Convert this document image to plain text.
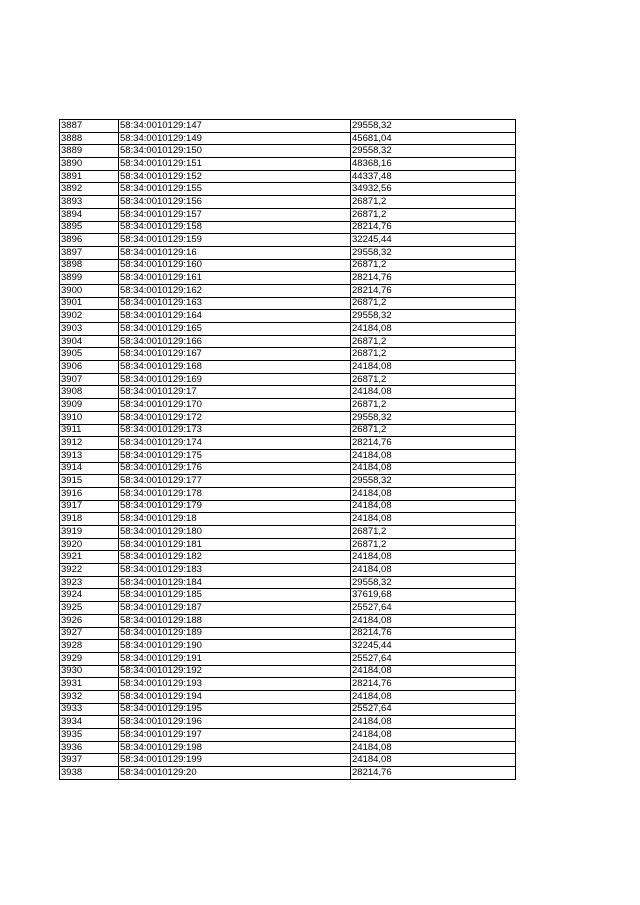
3887	58:34:0010129:147	29558,32
3888	58:34:0010129:149	45681,04
3889	58:34:0010129:150	29558,32
3890	58:34:0010129:151	48368,16
3891	58:34:0010129:152	44337,48
3892	58:34:0010129:155	34932,56
3893	58:34:0010129:156	26871,2
3894	58:34:0010129:157	26871,2
3895	58:34:0010129:158	28214,76
3896	58:34:0010129:159	32245,44
3897	58:34:0010129:16	29558,32
3898	58:34:0010129:160	26871,2
3899	58:34:0010129:161	28214,76
3900	58:34:0010129:162	28214,76
3901	58:34:0010129:163	26871,2
3902	58:34:0010129:164	29558,32
3903	58:34:0010129:165	24184,08
3904	58:34:0010129:166	26871,2
3905	58:34:0010129:167	26871,2
3906	58:34:0010129:168	24184,08
3907	58:34:0010129:169	26871,2
3908	58:34:0010129:17	24184,08
3909	58:34:0010129:170	26871,2
3910	58:34:0010129:172	29558,32
3911	58:34:0010129:173	26871,2
3912	58:34:0010129:174	28214,76
3913	58:34:0010129:175	24184,08
3914	58:34:0010129:176	24184,08
3915	58:34:0010129:177	29558,32
3916	58:34:0010129:178	24184,08
3917	58:34:0010129:179	24184,08
3918	58:34:0010129:18	24184,08
3919	58:34:0010129:180	26871,2
3920	58:34:0010129:181	26871,2
3921	58:34:0010129:182	24184,08
3922	58:34:0010129:183	24184,08
3923	58:34:0010129:184	29558,32
3924	58:34:0010129:185	37619,68
3925	58:34:0010129:187	25527,64
3926	58:34:0010129:188	24184,08
3927	58:34:0010129:189	28214,76
3928	58:34:0010129:190	32245,44
3929	58:34:0010129:191	25527,64
3930	58:34:0010129:192	24184,08
3931	58:34:0010129:193	28214,76
3932	58:34:0010129:194	24184,08
3933	58:34:0010129:195	25527,64
3934	58:34:0010129:196	24184,08
3935	58:34:0010129:197	24184,08
3936	58:34:0010129:198	24184,08
3937	58:34:0010129:199	24184,08
3938	58:34:0010129:20	28214,76
